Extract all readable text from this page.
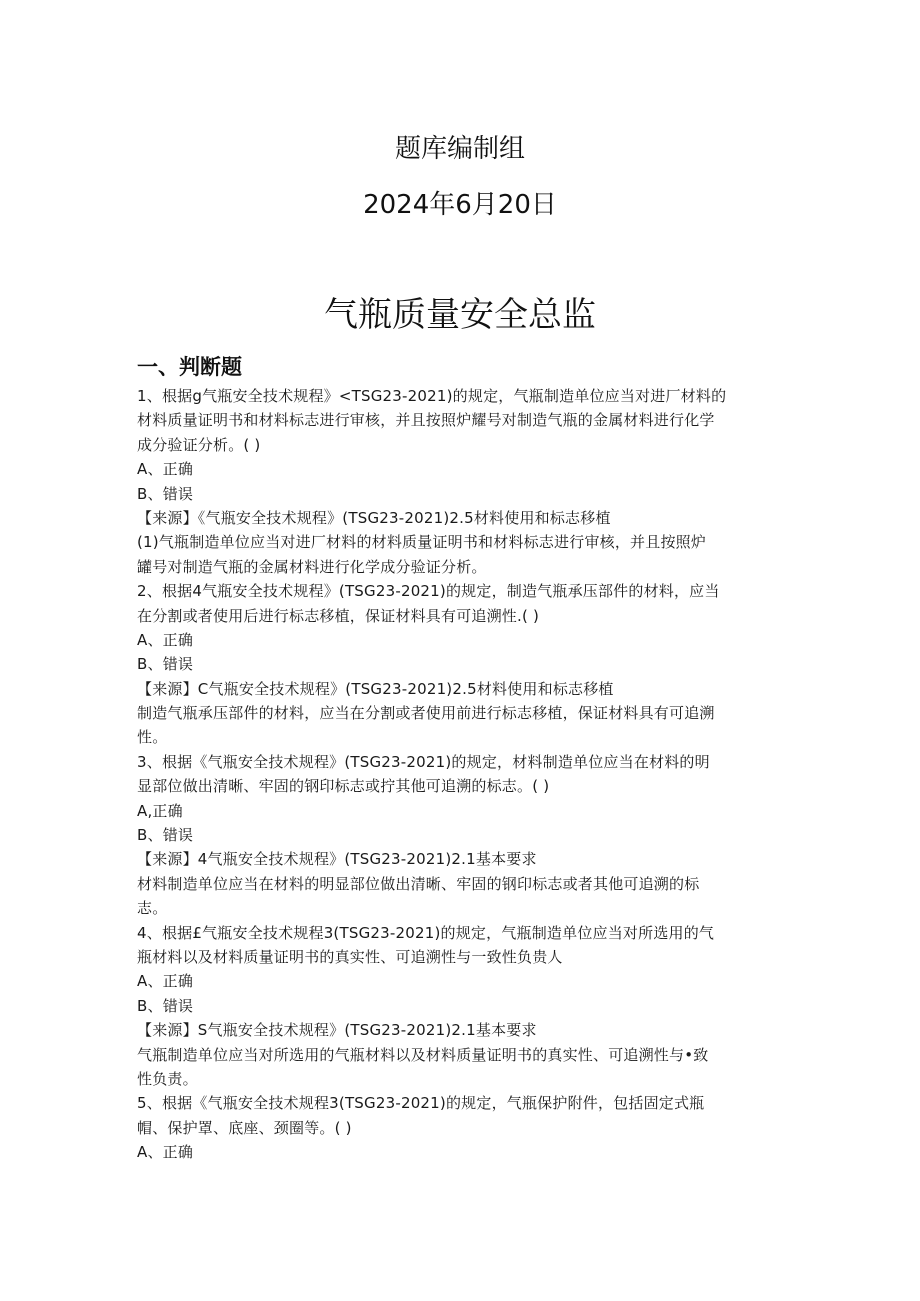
题库编制组
2024年6月20日
气瓶质量安全总监
一、判断题
1、根据g气瓶安全技术规程》<TSG23-2021)的规定，气瓶制造单位应当对进厂材料的
材料质量证明书和材料标志进行审核，并且按照炉耀号对制造气瓶的金属材料进行化学
成分验证分析。( )
A、正确
B、错误
【来源】《气瓶安全技术规程》(TSG23-2021)2.5材料使用和标志移植
(1)气瓶制造单位应当对进厂材料的材料质量证明书和材料标志进行审核，并且按照炉
罐号对制造气瓶的金属材料进行化学成分验证分析。
2、根据4气瓶安全技术规程》(TSG23-2021)的规定，制造气瓶承压部件的材料，应当
在分割或者使用后进行标志移植，保证材料具有可追溯性.( )
A、正确
B、错误
【来源】C气瓶安全技术规程》(TSG23-2021)2.5材料使用和标志移植
制造气瓶承压部件的材料，应当在分割或者使用前进行标志移植，保证材料具有可追溯
性。
3、根据《气瓶安全技术规程》(TSG23-2021)的规定，材料制造单位应当在材料的明
显部位做出清晰、牢固的钢印标志或拧其他可追溯的标志。( )
A,正确
B、错误
【来源】4气瓶安全技术规程》(TSG23-2021)2.1基本要求
材料制造单位应当在材料的明显部位做出清晰、牢固的钢印标志或者其他可追溯的标
志。
4、根据£气瓶安全技术规程3(TSG23-2021)的规定，气瓶制造单位应当对所选用的气
瓶材料以及材料质量证明书的真实性、可追溯性与一致性负贵人
A、正确
B、错误
【来源】S气瓶安全技术规程》(TSG23-2021)2.1基本要求
气瓶制造单位应当对所选用的气瓶材料以及材料质量证明书的真实性、可追溯性与•致
性负责。
5、根据《气瓶安全技术规程3(TSG23-2021)的规定，气瓶保护附件，包括固定式瓶
帽、保护罩、底座、颈圈等。( )
A、正确
